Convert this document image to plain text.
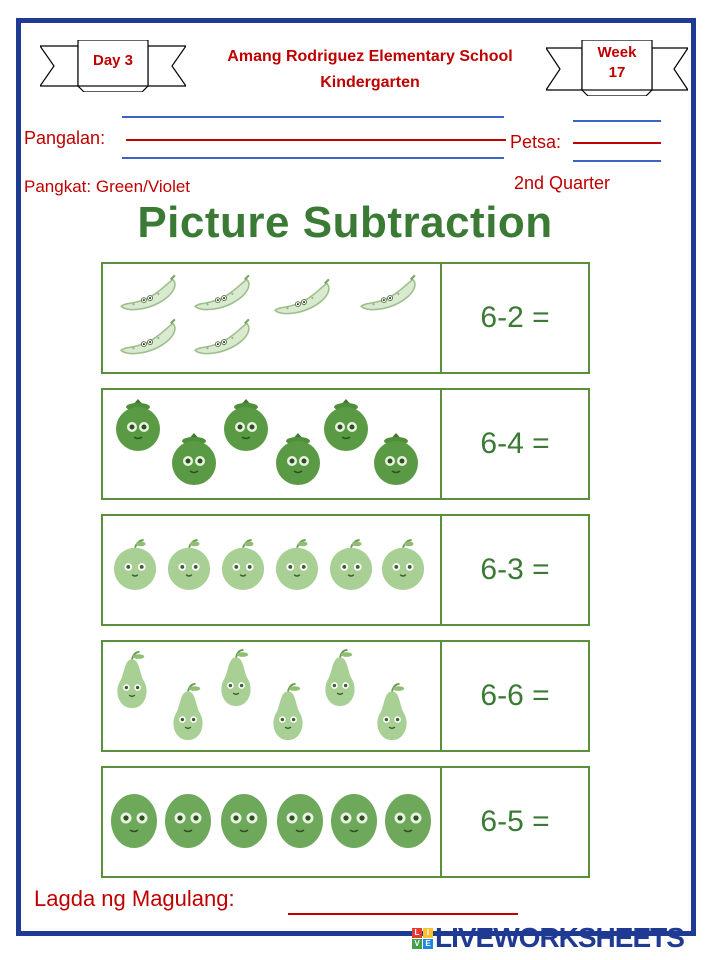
Day 3	Week
17
Amang Rodriguez Elementary School
Kindergarten
Pangalan:	Petsa:
Pangkat: Green/Violet	2nd Quarter
Picture Subtraction
6-2 =
6-4 =
6-3 =
6-6 =
6-5 =
Lagda ng Magulang:
L I
V E LIVEWORKSHEETS
